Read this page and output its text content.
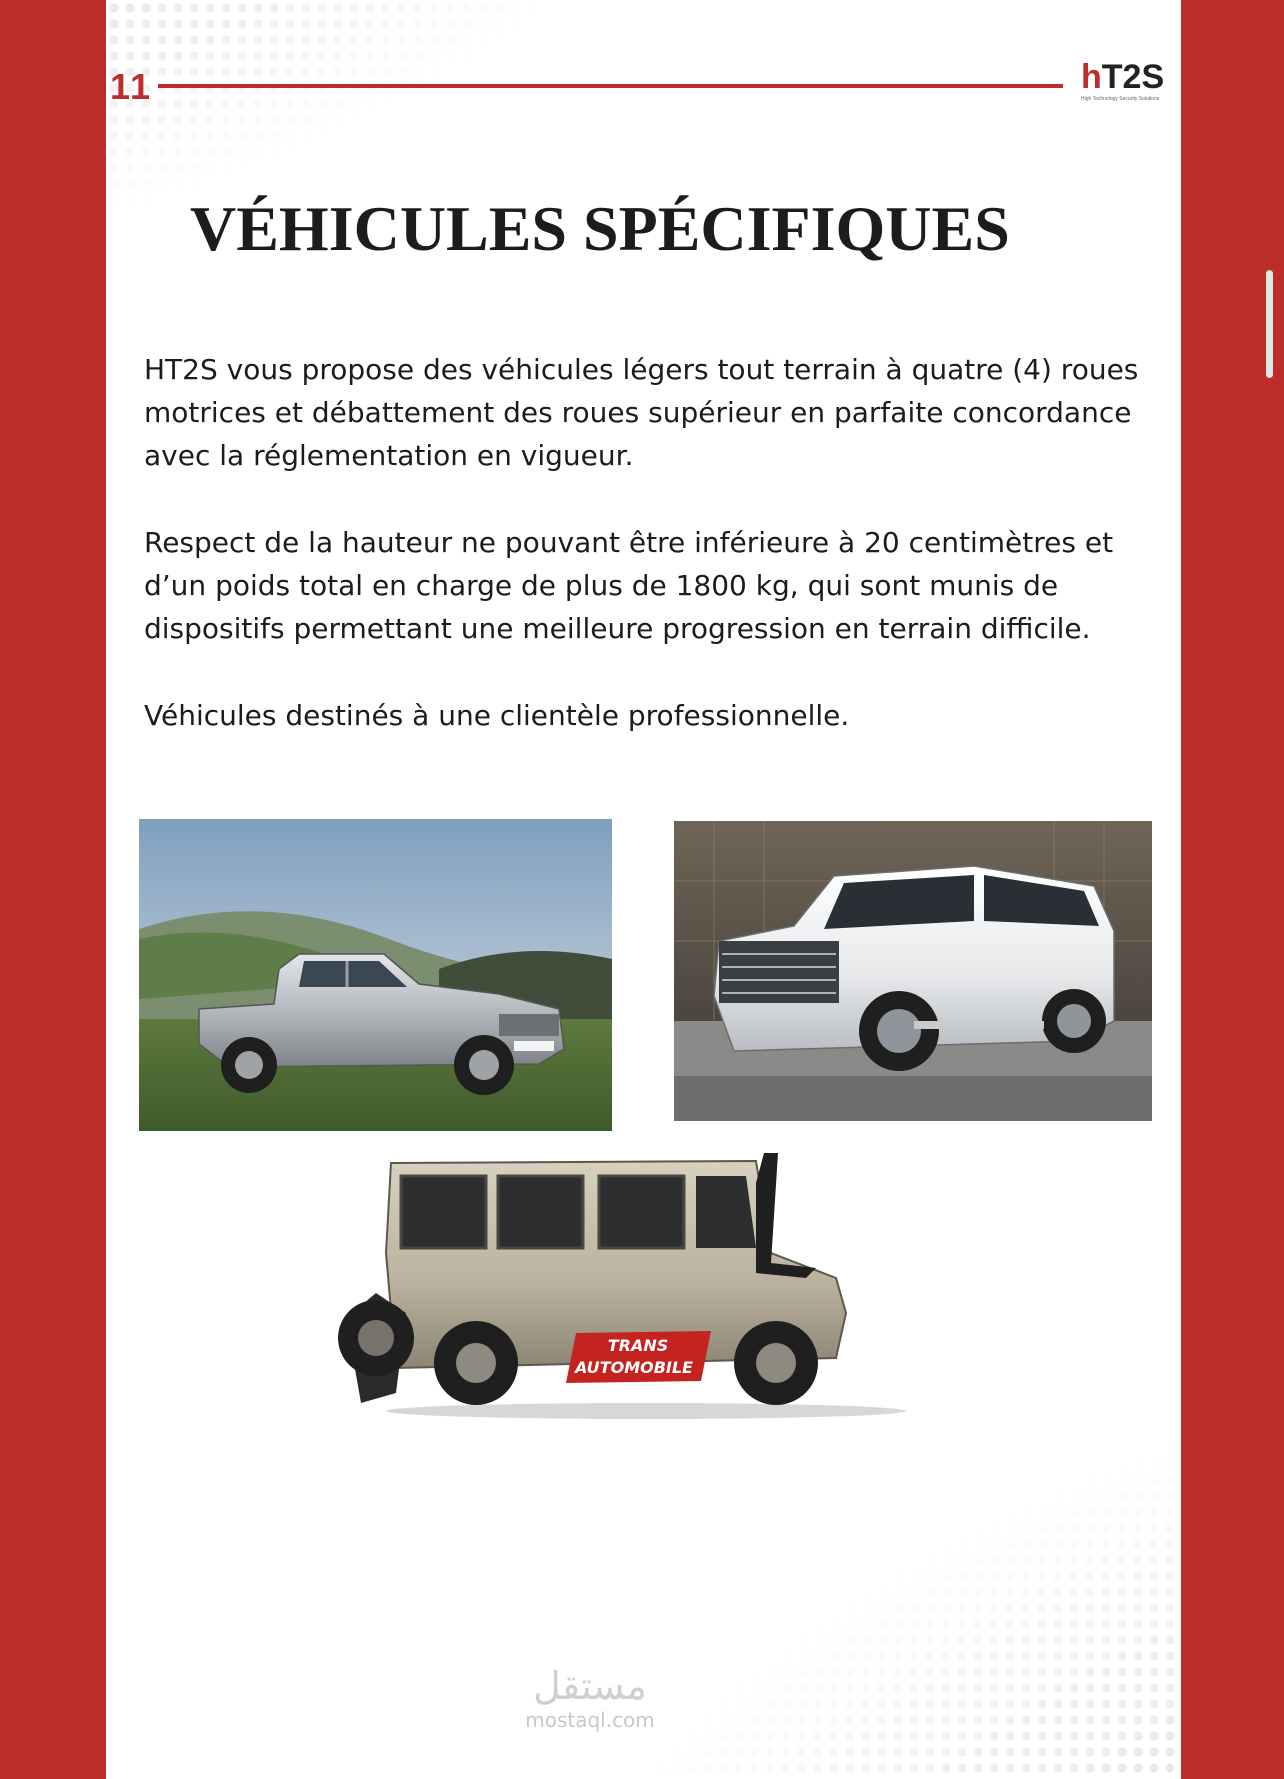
11	hT2S
High Technology Security Solutions
VÉHICULES SPÉCIFIQUES

HT2S vous propose des véhicules légers tout terrain à quatre (4) roues motrices et débattement des roues supérieur en parfaite concordance avec la réglementation en vigueur.

Respect de la hauteur ne pouvant être inférieure à 20 centimètres et d’un poids total en charge de plus de 1800 kg, qui sont munis de dispositifs permettant une meilleure progression en terrain difficile.

Véhicules destinés à une clientèle professionnelle.

TRANS
AUTOMOBILE
مستقل
mostaql.com
